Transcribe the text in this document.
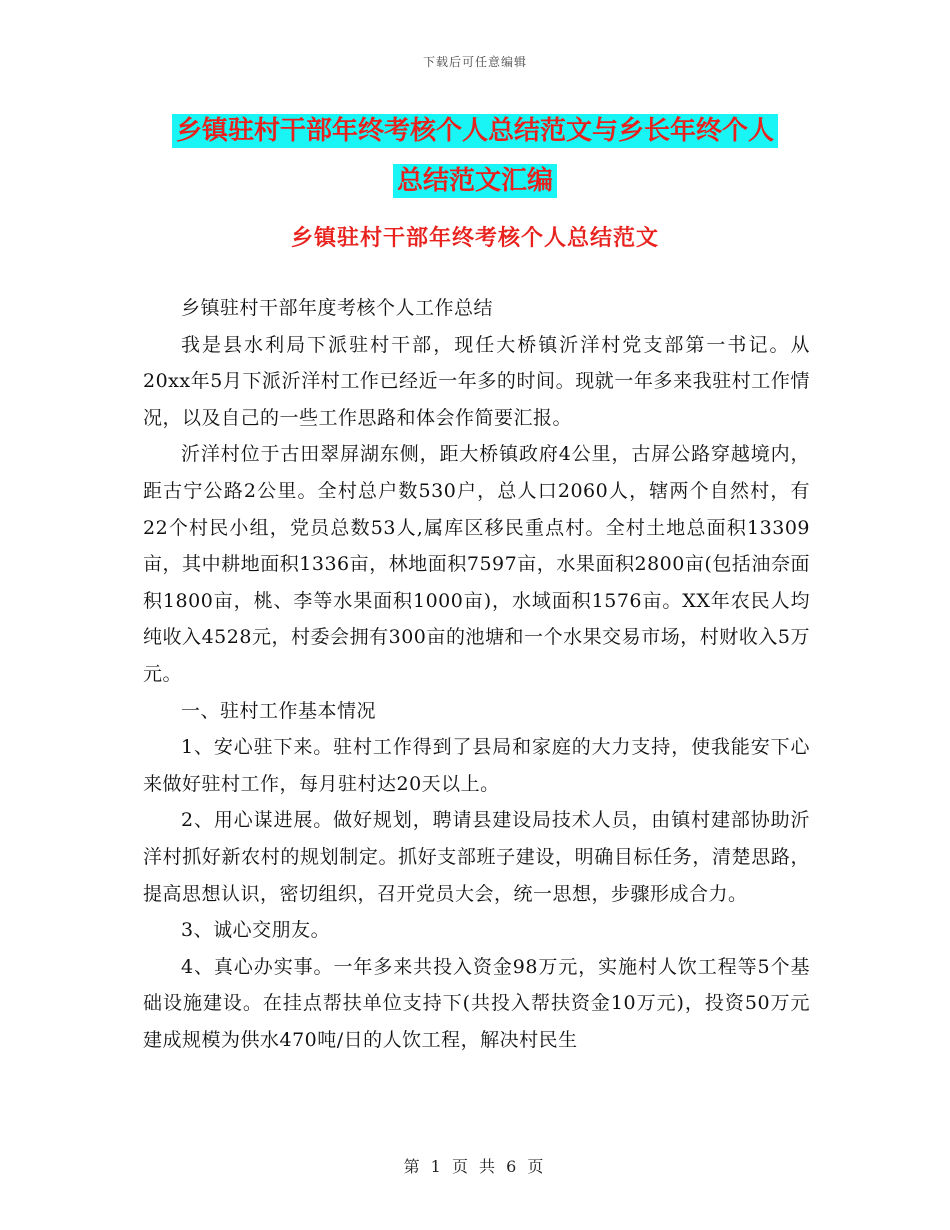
下载后可任意编辑
乡镇驻村干部年终考核个人总结范文与乡长年终个人
总结范文汇编
乡镇驻村干部年终考核个人总结范文

乡镇驻村干部年度考核个人工作总结

我是县水利局下派驻村干部，现任大桥镇沂洋村党支部第一书记。从20xx年5月下派沂洋村工作已经近一年多的时间。现就一年多来我驻村工作情况，以及自己的一些工作思路和体会作简要汇报。

沂洋村位于古田翠屏湖东侧，距大桥镇政府4公里，古屏公路穿越境内，距古宁公路2公里。全村总户数530户，总人口2060人，辖两个自然村，有22个村民小组，党员总数53人,属库区移民重点村。全村土地总面积13309亩，其中耕地面积1336亩，林地面积7597亩，水果面积2800亩(包括油奈面积1800亩，桃、李等水果面积1000亩)，水域面积1576亩。XX年农民人均纯收入4528元，村委会拥有300亩的池塘和一个水果交易市场，村财收入5万元。

一、驻村工作基本情况

1、安心驻下来。驻村工作得到了县局和家庭的大力支持，使我能安下心来做好驻村工作，每月驻村达20天以上。

2、用心谋进展。做好规划，聘请县建设局技术人员，由镇村建部协助沂洋村抓好新农村的规划制定。抓好支部班子建设，明确目标任务，清楚思路，提高思想认识，密切组织，召开党员大会，统一思想，步骤形成合力。

3、诚心交朋友。

4、真心办实事。一年多来共投入资金98万元，实施村人饮工程等5个基础设施建设。在挂点帮扶单位支持下(共投入帮扶资金10万元)，投资50万元建成规模为供水470吨/日的人饮工程，解决村民生

第 1 页 共 6 页
